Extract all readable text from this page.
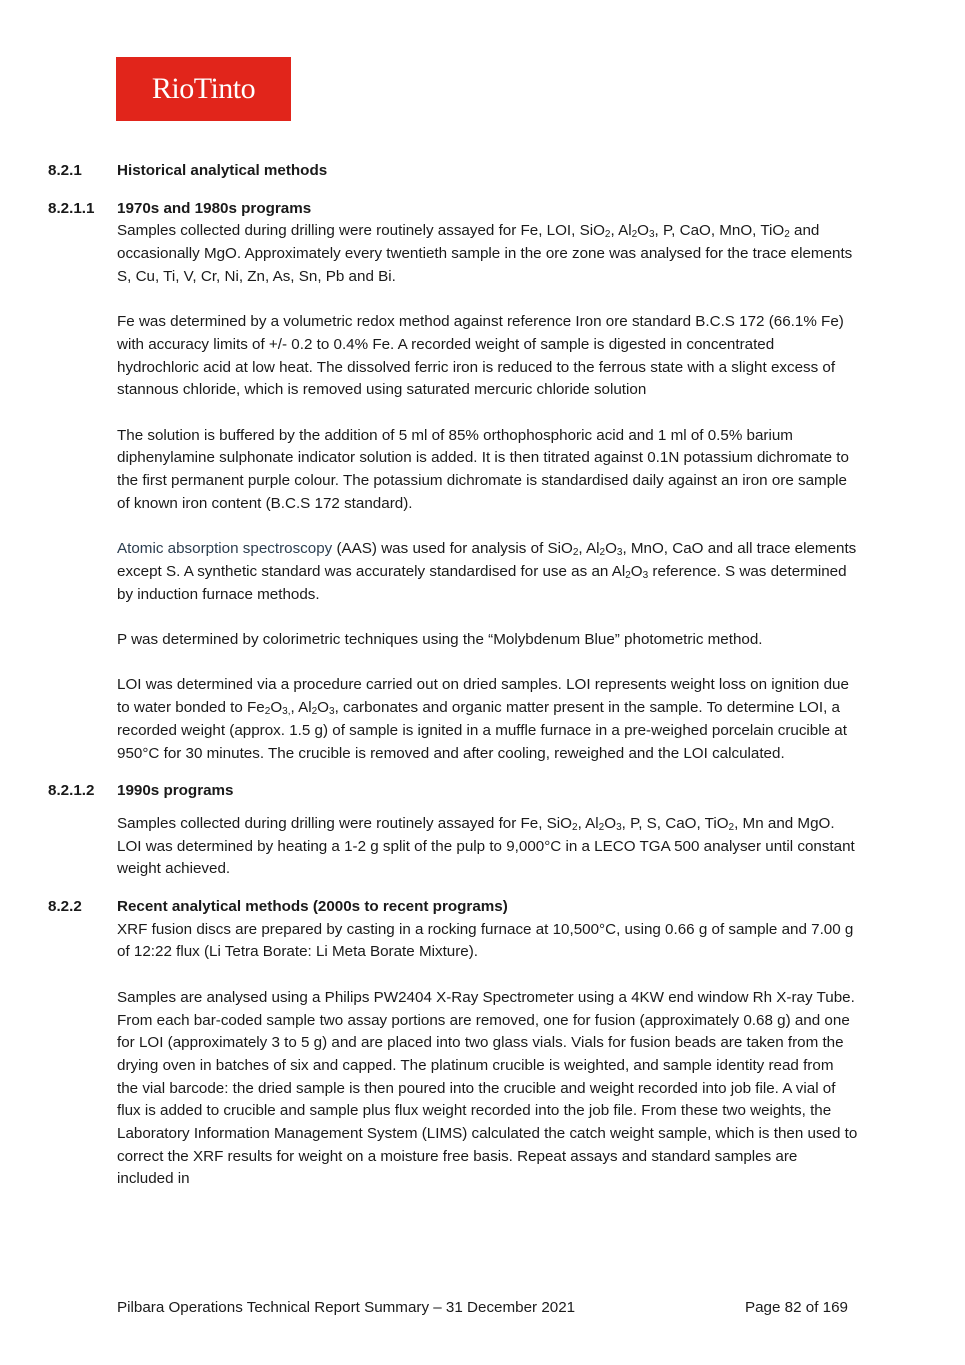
RioTinto
8.2.1 Historical analytical methods
8.2.1.1 1970s and 1980s programs

Samples collected during drilling were routinely assayed for Fe, LOI, SiO$_2$, $Al_2O_3$, P, CaO, MnO, TiO$_2$ and occasionally MgO. Approximately every twentieth sample in the ore zone was analysed for the trace elements S, Cu, Ti, V, Cr, Ni, Zn, As, Sn, Pb and Bi.

Fe was determined by a volumetric redox method against reference Iron ore standard B.C.S 172 (66.1% Fe) with accuracy limits of +/- 0.2 to 0.4% Fe. A recorded weight of sample is digested in concentrated hydrochloric acid at low heat. The dissolved ferric iron is reduced to the ferrous state with a slight excess of stannous chloride, which is removed using saturated mercuric chloride solution

The solution is buffered by the addition of 5 ml of 85% orthophosphoric acid and 1 ml of 0.5% barium diphenylamine sulphonate indicator solution is added. It is then titrated against 0.1N potassium dichromate to the first permanent purple colour. The potassium dichromate is standardised daily against an iron ore sample of known iron content (B.C.S 172 standard).

Atomic absorption spectroscopy (AAS) was used for analysis of SiO$_2$, $Al_2O_3$, MnO, CaO and all trace elements except S. A synthetic standard was accurately standardised for use as an $Al_2O_3$ reference. S was determined by induction furnace methods.

P was determined by colorimetric techniques using the “Molybdenum Blue” photometric method.

LOI was determined via a procedure carried out on dried samples. LOI represents weight loss on ignition due to water bonded to $Fe_2O_{3,}$, $Al_2O_3$, carbonates and organic matter present in the sample. To determine LOI, a recorded weight (approx. 1.5 g) of sample is ignited in a muffle furnace in a pre-weighed porcelain crucible at 950°C for 30 minutes. The crucible is removed and after cooling, reweighed and the LOI calculated.

8.2.1.2 1990s programs

Samples collected during drilling were routinely assayed for Fe, SiO$_2$, $Al_2O_3$, P, S, CaO, TiO$_2$, Mn and MgO. LOI was determined by heating a 1-2 g split of the pulp to 9,000°C in a LECO TGA 500 analyser until constant weight achieved.

8.2.2 Recent analytical methods (2000s to recent programs)

XRF fusion discs are prepared by casting in a rocking furnace at 10,500°C, using 0.66 g of sample and 7.00 g of 12:22 flux (Li Tetra Borate: Li Meta Borate Mixture).

Samples are analysed using a Philips PW2404 X-Ray Spectrometer using a 4KW end window Rh X-ray Tube. From each bar-coded sample two assay portions are removed, one for fusion (approximately 0.68 g) and one for LOI (approximately 3 to 5 g) and are placed into two glass vials. Vials for fusion beads are taken from the drying oven in batches of six and capped. The platinum crucible is weighted, and sample identity read from the vial barcode: the dried sample is then poured into the crucible and weight recorded into job file. A vial of flux is added to crucible and sample plus flux weight recorded into the job file. From these two weights, the Laboratory Information Management System (LIMS) calculated the catch weight sample, which is then used to correct the XRF results for weight on a moisture free basis. Repeat assays and standard samples are included in

Pilbara Operations Technical Report Summary – 31 December 2021	Page 82 of 169
